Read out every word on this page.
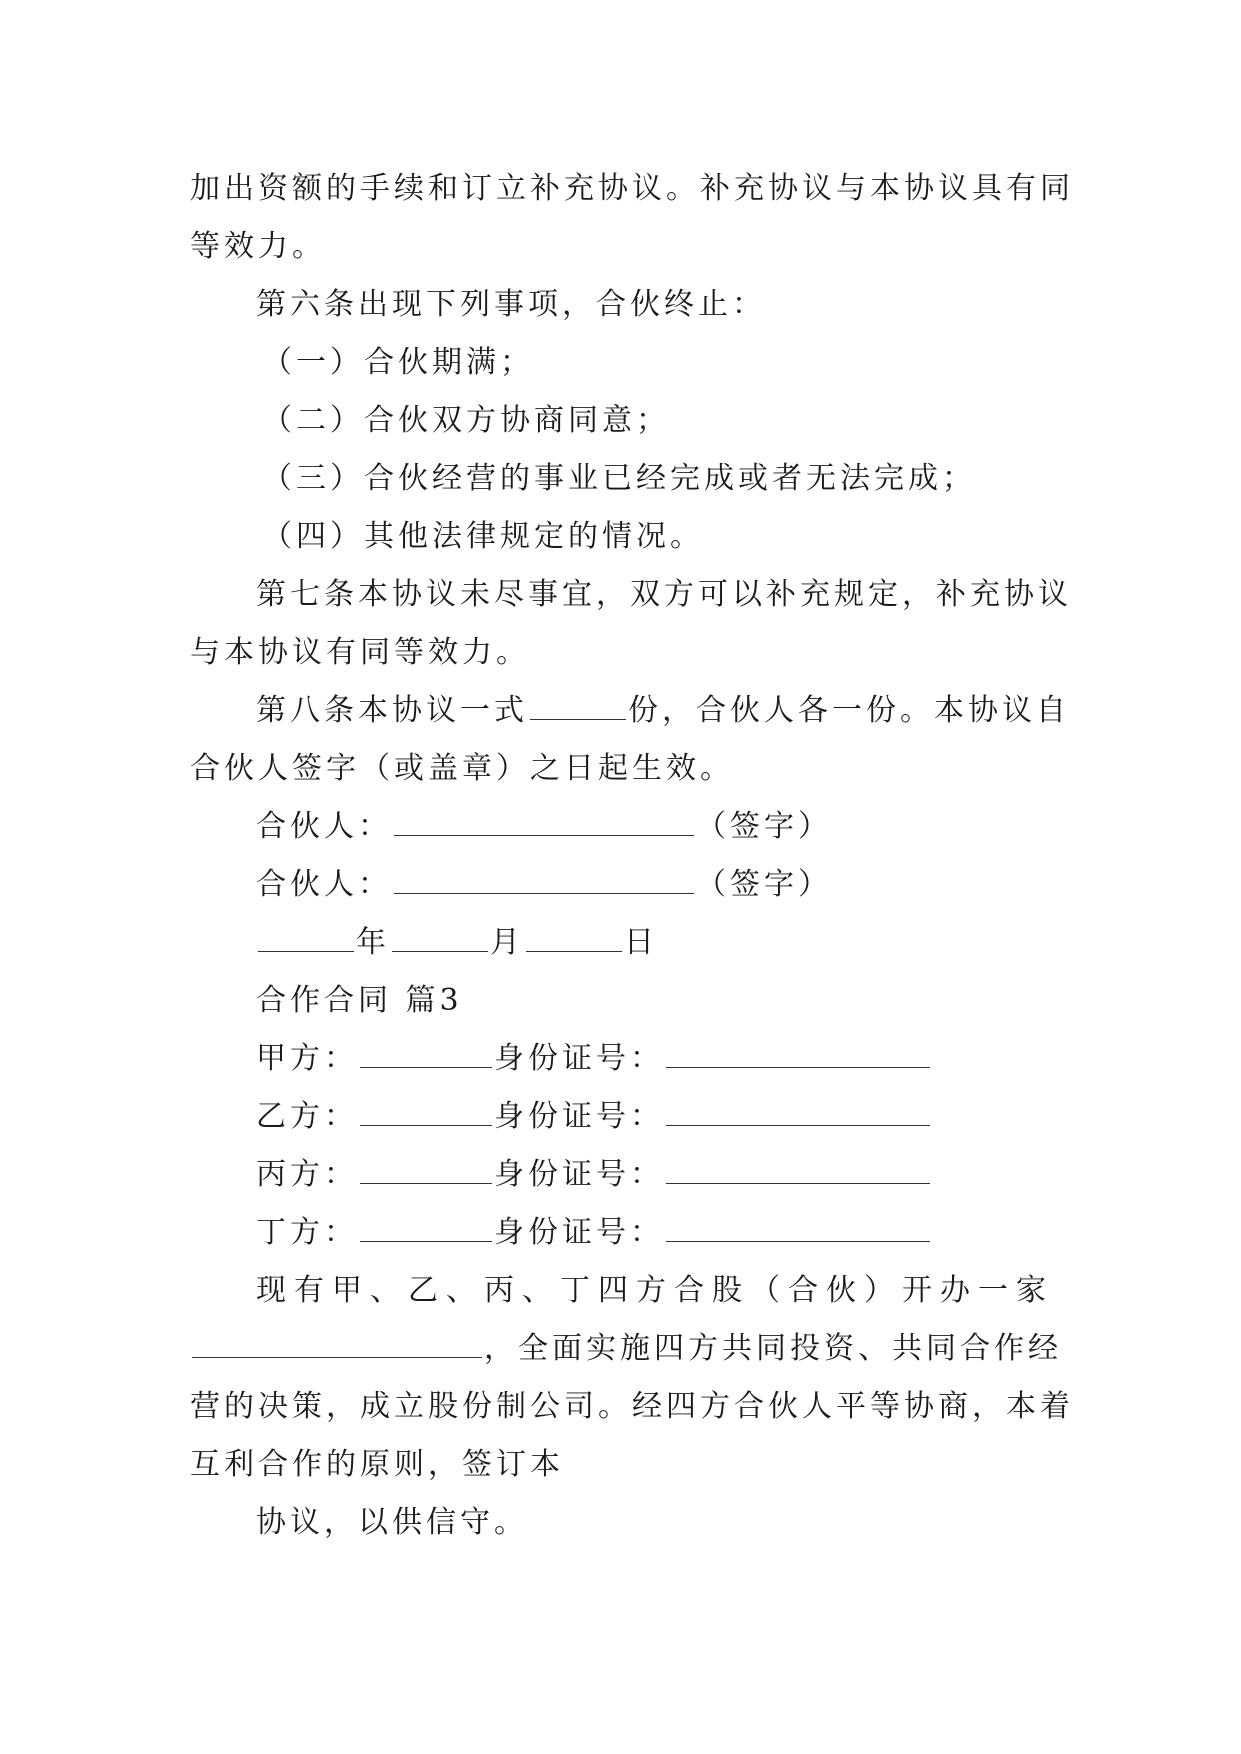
加出资额的手续和订立补充协议。补充协议与本协议具有同
等效力。
第六条出现下列事项，合伙终止：
（一）合伙期满；
（二）合伙双方协商同意；
（三）合伙经营的事业已经完成或者无法完成；
（四）其他法律规定的情况。
第七条本协议未尽事宜，双方可以补充规定，补充协议
与本协议有同等效力。
第八条本协议一式	份，合伙人各一份。本协议自
合伙人签字（或盖章）之日起生效。
合伙人：	（签字）
合伙人：	（签字）
年	月	日
合作合同 篇3
甲方：	身份证号：
乙方：	身份证号：
丙方：	身份证号：
丁方：	身份证号：
现有甲、乙、丙、丁四方合股（合伙）开办一家
，全面实施四方共同投资、共同合作经
营的决策，成立股份制公司。经四方合伙人平等协商，本着
互利合作的原则，签订本
协议，以供信守。
